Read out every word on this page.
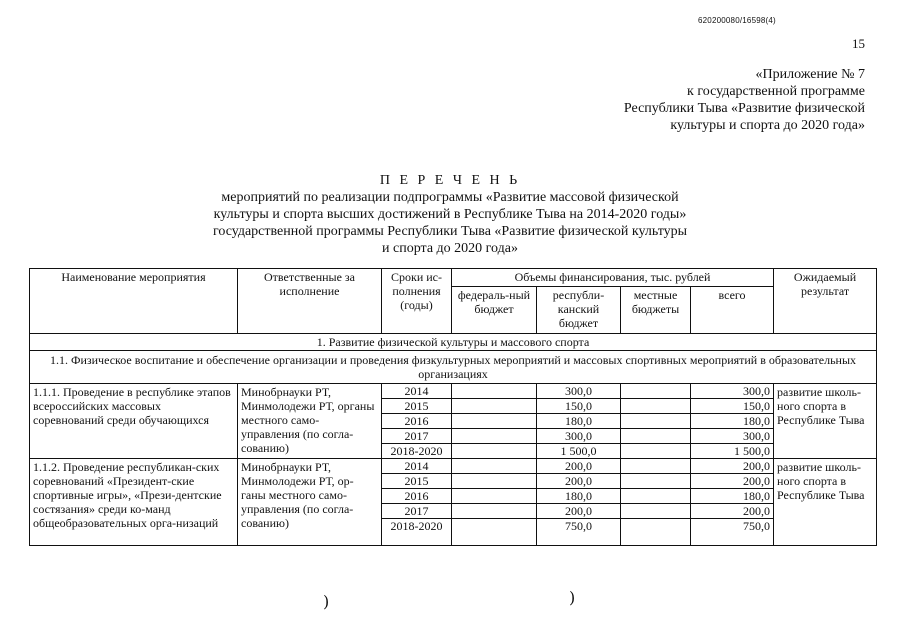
620200080/16598(4)
15
«Приложение № 7
к государственной программе
Республики Тыва «Развитие физической
культуры и спорта до 2020 года»
П Е Р Е Ч Е Н Ь
мероприятий по реализации подпрограммы «Развитие массовой физической
культуры и спорта высших достижений в Республике Тыва на 2014-2020 годы»
государственной программы Республики Тыва «Развитие физической культуры
и спорта до 2020 года»
Наименование мероприятия	Ответственные за исполнение	Сроки ис-полнения (годы)	Объемы финансирования, тыс. рублей				Ожидаемый результат
			федераль-ный бюджет	республи-канский бюджет	местные бюджеты	всего	
1. Развитие физической культуры и массового спорта							
1.1. Физическое воспитание и обеспечение организации и проведения физкультурных мероприятий и массовых спортивных мероприятий в образовательных организациях							
1.1.1. Проведение в республике этапов всероссийских массовых соревнований среди обучающихся	Минобрнауки РТ, Минмолодежи РТ, органы местного само-управления (по согла-сованию)	2014		300,0		300,0	развитие школь-ного спорта в Республике Тыва
		2015		150,0		150,0	
		2016		180,0		180,0	
		2017		300,0		300,0	
		2018-2020		1 500,0		1 500,0	
1.1.2. Проведение республикан-ских соревнований «Президент-ские спортивные игры», «Прези-дентские состязания» среди ко-манд общеобразовательных орга-низаций	Минобрнауки РТ, Минмолодежи РТ, ор-ганы местного само-управления (по согла-сованию)	2014		200,0		200,0	развитие школь-ного спорта в Республике Тыва
		2015		200,0		200,0	
		2016		180,0		180,0	
		2017		200,0		200,0	
		2018-2020		750,0		750,0	
)	)
